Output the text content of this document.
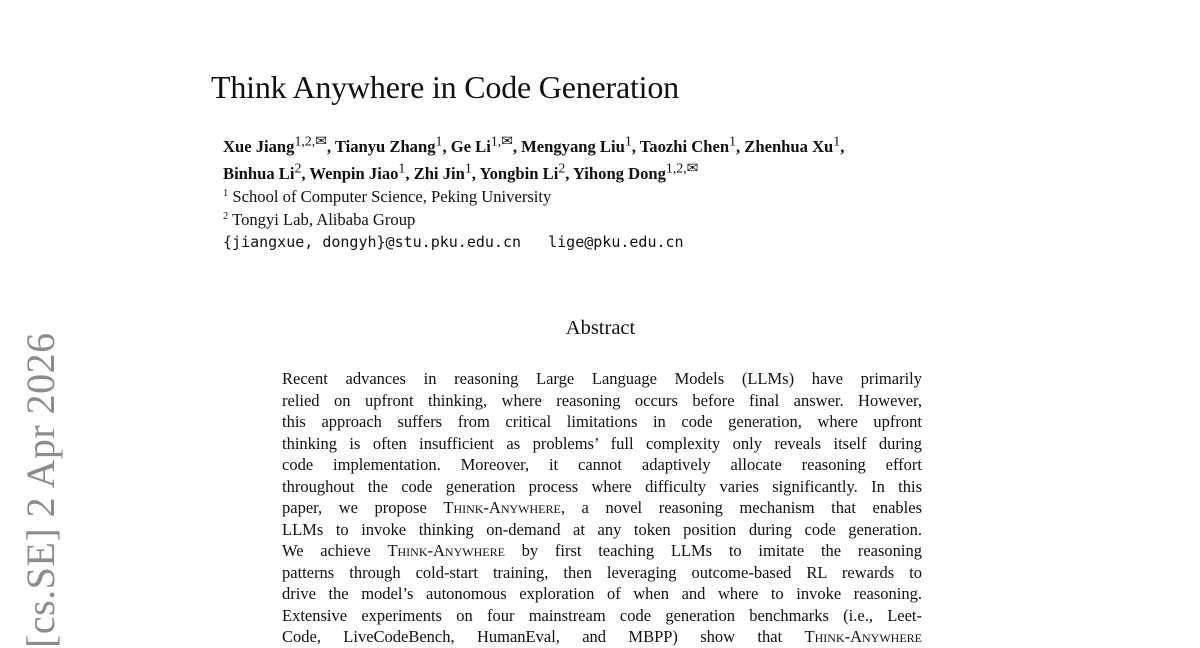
[cs.SE] 2 Apr 2026
Think Anywhere in Code Generation
Xue Jiang$^{1,2,✉}$, Tianyu Zhang$^1$, Ge $Li^{1,✉}$, Mengyang Liu$^1$, Taozhi Chen$^1$, Zhenhua Xu$^1$,
Binhua Li$^2$, Wenpin Jiao$^1$, Zhi Jin$^1$, Yongbin Li$^2$, Yihong Dong$^{1,2,✉}$
$^1$ School of Computer Science, Peking University
$^2$ Tongyi Lab, Alibaba Group
{jiangxue, dongyh}@stu.pku.edu.cn   lige@pku.edu.cn
Abstract
Recent advances in reasoning Large Language Models (LLMs) have primarily
relied on upfront thinking, where reasoning occurs before final answer. However,
this approach suffers from critical limitations in code generation, where upfront
thinking is often insufficient as problems’ full complexity only reveals itself during
code implementation. Moreover, it cannot adaptively allocate reasoning effort
throughout the code generation process where difficulty varies significantly. In this
paper, we propose Think-Anywhere, a novel reasoning mechanism that enables
LLMs to invoke thinking on-demand at any token position during code generation.
We achieve Think-Anywhere by first teaching LLMs to imitate the reasoning
patterns through cold-start training, then leveraging outcome-based RL rewards to
drive the model’s autonomous exploration of when and where to invoke reasoning.
Extensive experiments on four mainstream code generation benchmarks (i.e., Leet-
Code, LiveCodeBench, HumanEval, and MBPP) show that Think-Anywhere
